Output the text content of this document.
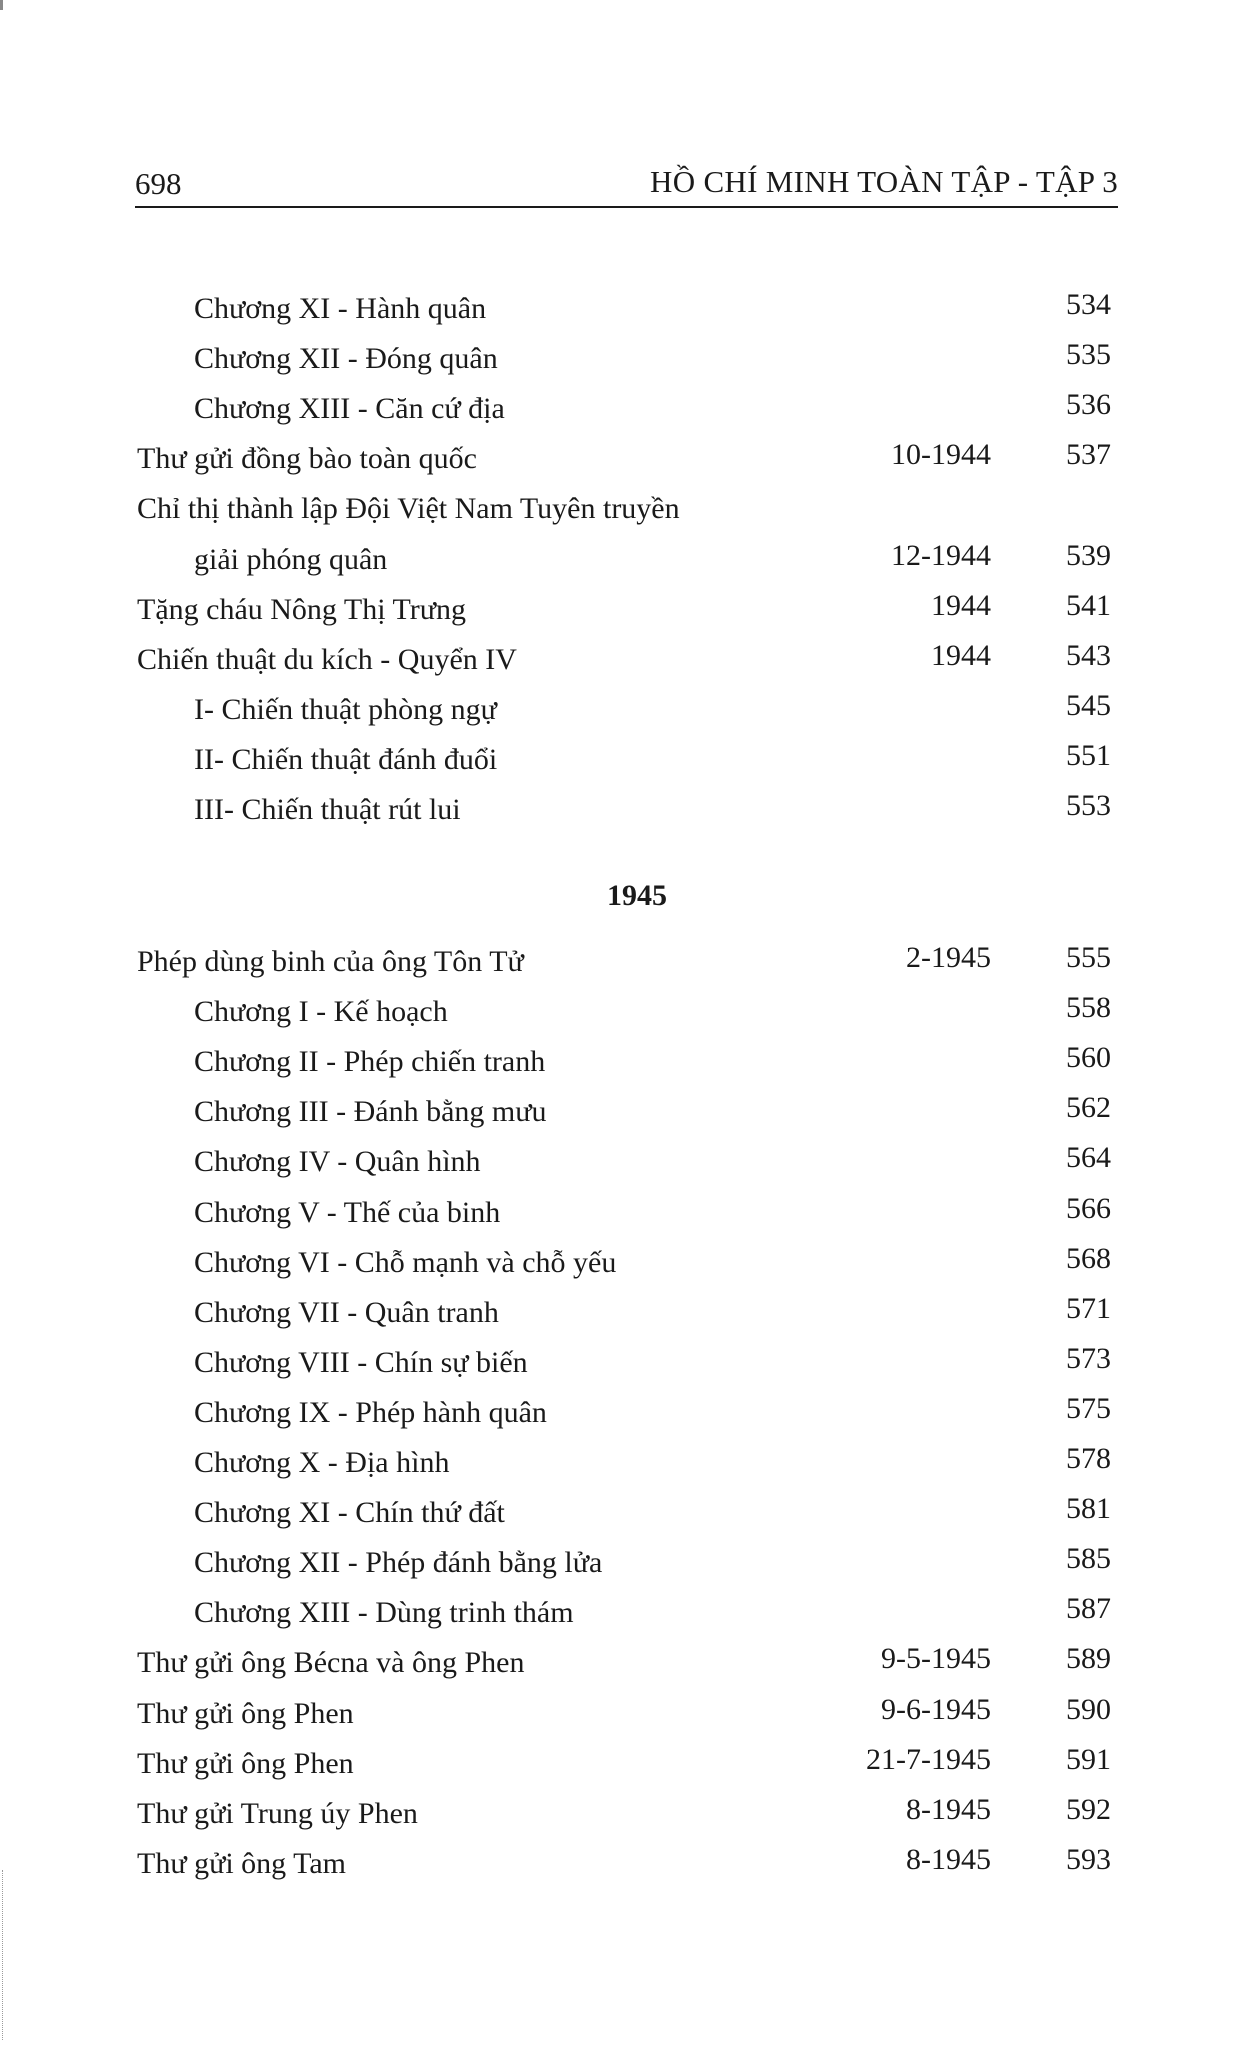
698	HỒ CHÍ MINH TOÀN TẬP - TẬP 3
Chương XI - Hành quân	534
Chương XII - Đóng quân	535
Chương XIII - Căn cứ địa	536
Thư gửi đồng bào toàn quốc	10-1944	537
Chỉ thị thành lập Đội Việt Nam Tuyên truyền
giải phóng quân	12-1944	539
Tặng cháu Nông Thị Trưng	1944	541
Chiến thuật du kích - Quyển IV	1944	543
I- Chiến thuật phòng ngự	545
II- Chiến thuật đánh đuổi	551
III- Chiến thuật rút lui	553
Phép dùng binh của ông Tôn Tử	2-1945	555
Chương I - Kế hoạch	558
Chương II - Phép chiến tranh	560
Chương III - Đánh bằng mưu	562
Chương IV - Quân hình	564
Chương V - Thế của binh	566
Chương VI - Chỗ mạnh và chỗ yếu	568
Chương VII - Quân tranh	571
Chương VIII - Chín sự biến	573
Chương IX - Phép hành quân	575
Chương X - Địa hình	578
Chương XI - Chín thứ đất	581
Chương XII - Phép đánh bằng lửa	585
Chương XIII - Dùng trinh thám	587
Thư gửi ông Bécna và ông Phen	9-5-1945	589
Thư gửi ông Phen	9-6-1945	590
Thư gửi ông Phen	21-7-1945	591
Thư gửi Trung úy Phen	8-1945	592
Thư gửi ông Tam	8-1945	593
1945
